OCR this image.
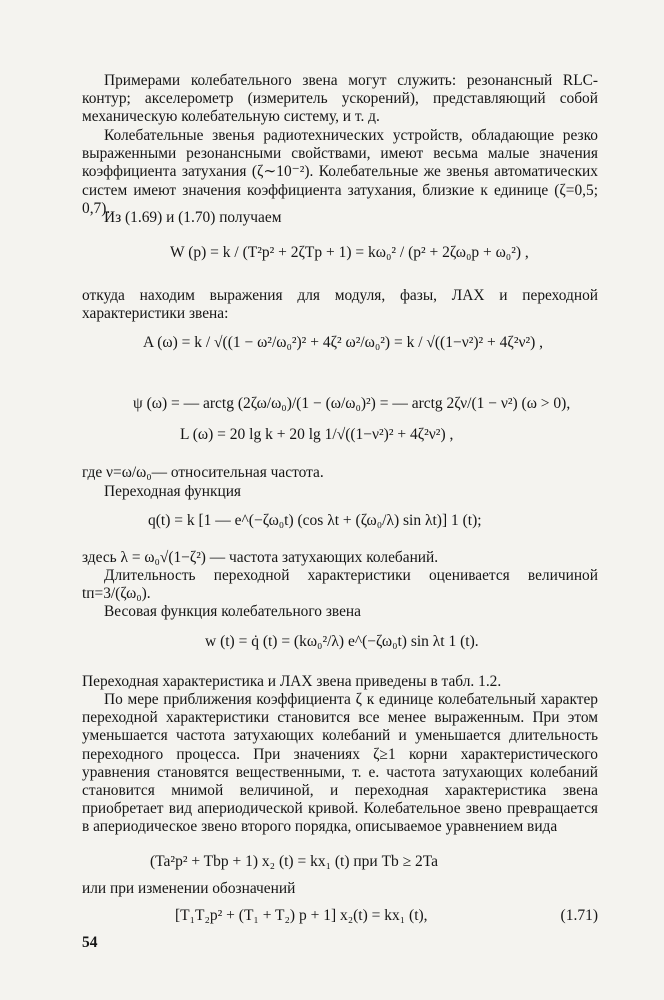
Примерами колебательного звена могут служить: резонансный RLC-контур; акселерометр (измеритель ускорений), представляющий собой механическую колебательную систему, и т. д.

Колебательные звенья радиотехнических устройств, обладающие резко выраженными резонансными свойствами, имеют весьма малые значения коэффициента затухания (ζ∼10⁻²). Колебательные же звенья автоматических систем имеют значения коэффициента затухания, близкие к единице (ζ=0,5; 0,7).

Из (1.69) и (1.70) получаем

W (p) = k / (T²p² + 2ζTp + 1) = kω₀² / (p² + 2ζω₀p + ω₀²) ,

откуда находим выражения для модуля, фазы, ЛАХ и переходной характеристики звена:

A (ω) = k / √((1 − ω²/ω₀²)² + 4ζ² ω²/ω₀²) = k / √((1−ν²)² + 4ζ²ν²) ,
ψ (ω) = — arctg (2ζω/ω₀)/(1 − (ω/ω₀)²) = — arctg 2ζν/(1 − ν²) (ω > 0),
L (ω) = 20 lg k + 20 lg 1/√((1−ν²)² + 4ζ²ν²) ,

где ν=ω/ω₀— относительная частота.

Переходная функция

q(t) = k [1 — e^(−ζω₀t) (cos λt + (ζω₀/λ) sin λt)] 1 (t);

здесь λ = ω₀√(1−ζ²) — частота затухающих колебаний.

Длительность переходной характеристики оценивается величиной tп=3/(ζω₀).

Весовая функция колебательного звена

w (t) = q̇ (t) = (kω₀²/λ) e^(−ζω₀t) sin λt 1 (t).

Переходная характеристика и ЛАХ звена приведены в табл. 1.2.

По мере приближения коэффициента ζ к единице колебательный характер переходной характеристики становится все менее выраженным. При этом уменьшается частота затухающих колебаний и уменьшается длительность переходного процесса. При значениях ζ≥1 корни характеристического уравнения становятся вещественными, т. е. частота затухающих колебаний становится мнимой величиной, и переходная характеристика звена приобретает вид апериодической кривой. Колебательное звено превращается в апериодическое звено второго порядка, описываемое уравнением вида

(Ta²p² + Tbp + 1) x₂ (t) = kx₁ (t) при Tb ≥ 2Ta

или при изменении обозначений

[T₁T₂p² + (T₁ + T₂) p + 1] x₂(t) = kx₁ (t),	(1.71)
54
